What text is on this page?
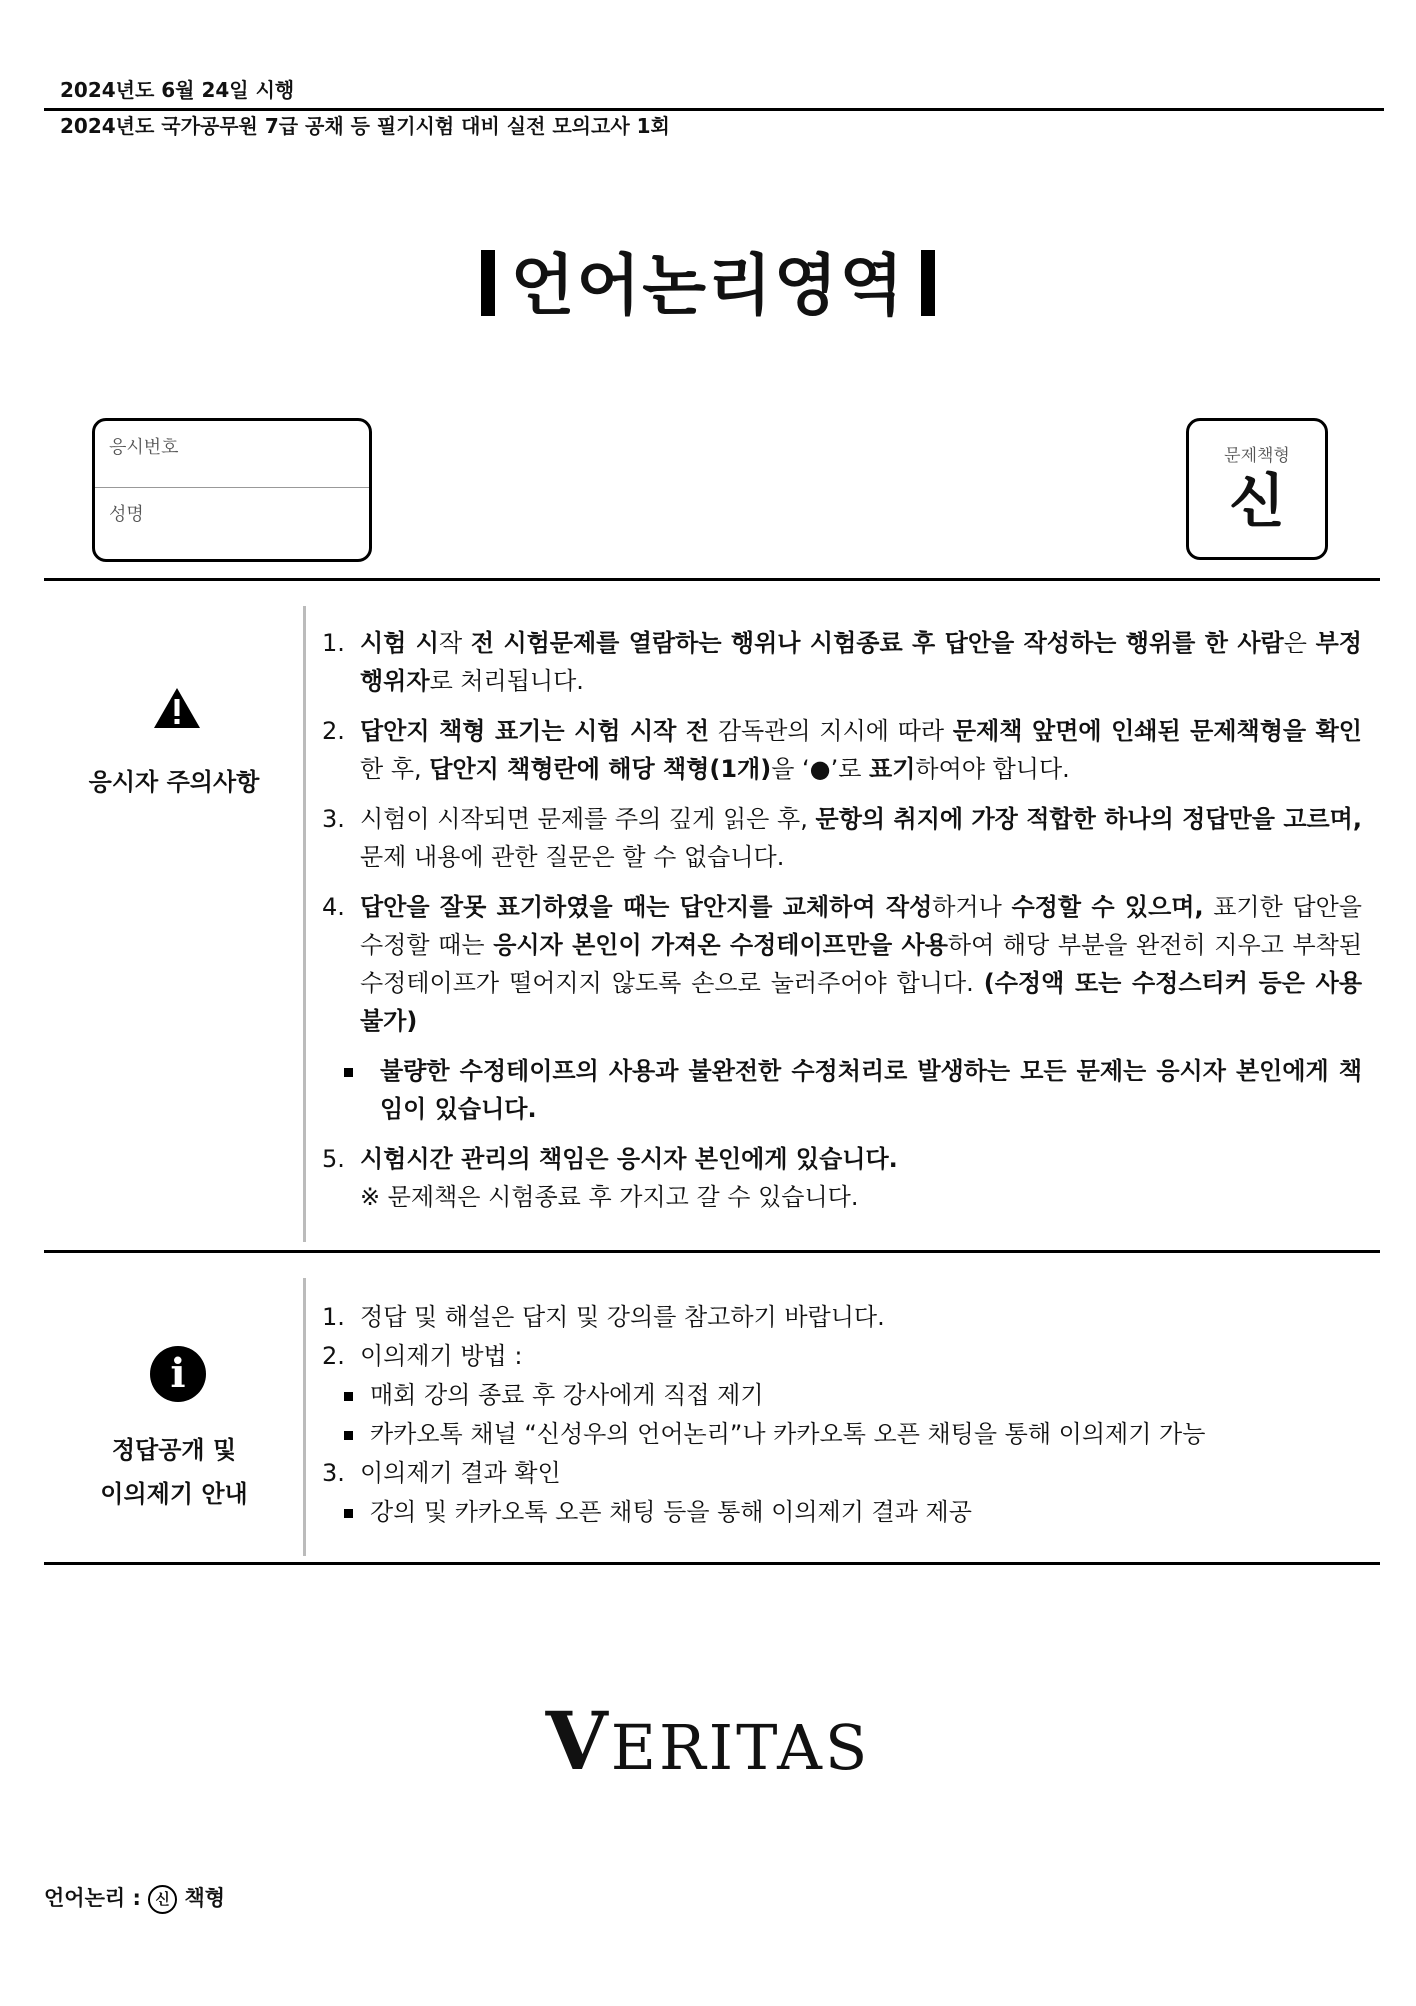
2024년도 6월 24일 시행
2024년도 국가공무원 7급 공채 등 필기시험 대비 실전 모의고사 1회
언어논리영역
응시번호
성명
문제책형
신
응시자 주의사항
1. 시험 시작 전 시험문제를 열람하는 행위나 시험종료 후 답안을 작성하는 행위를 한 사람은 부정행위자로 처리됩니다.
2. 답안지 책형 표기는 시험 시작 전 감독관의 지시에 따라 문제책 앞면에 인쇄된 문제책형을 확인한 후, 답안지 책형란에 해당 책형(1개)을 ‘●’로 표기하여야 합니다.
3. 시험이 시작되면 문제를 주의 깊게 읽은 후, 문항의 취지에 가장 적합한 하나의 정답만을 고르며, 문제 내용에 관한 질문은 할 수 없습니다.
4. 답안을 잘못 표기하였을 때는 답안지를 교체하여 작성하거나 수정할 수 있으며, 표기한 답안을 수정할 때는 응시자 본인이 가져온 수정테이프만을 사용하여 해당 부분을 완전히 지우고 부착된 수정테이프가 떨어지지 않도록 손으로 눌러주어야 합니다. (수정액 또는 수정스티커 등은 사용 불가)
불량한 수정테이프의 사용과 불완전한 수정처리로 발생하는 모든 문제는 응시자 본인에게 책임이 있습니다.
5. 시험시간 관리의 책임은 응시자 본인에게 있습니다.
※ 문제책은 시험종료 후 가지고 갈 수 있습니다.
i
정답공개 및
이의제기 안내
1. 정답 및 해설은 답지 및 강의를 참고하기 바랍니다.
2. 이의제기 방법 :
매회 강의 종료 후 강사에게 직접 제기
카카오톡 채널 “신성우의 언어논리”나 카카오톡 오픈 채팅을 통해 이의제기 가능
3. 이의제기 결과 확인
강의 및 카카오톡 오픈 채팅 등을 통해 이의제기 결과 제공
VERITAS
언어논리 : 신 책형
